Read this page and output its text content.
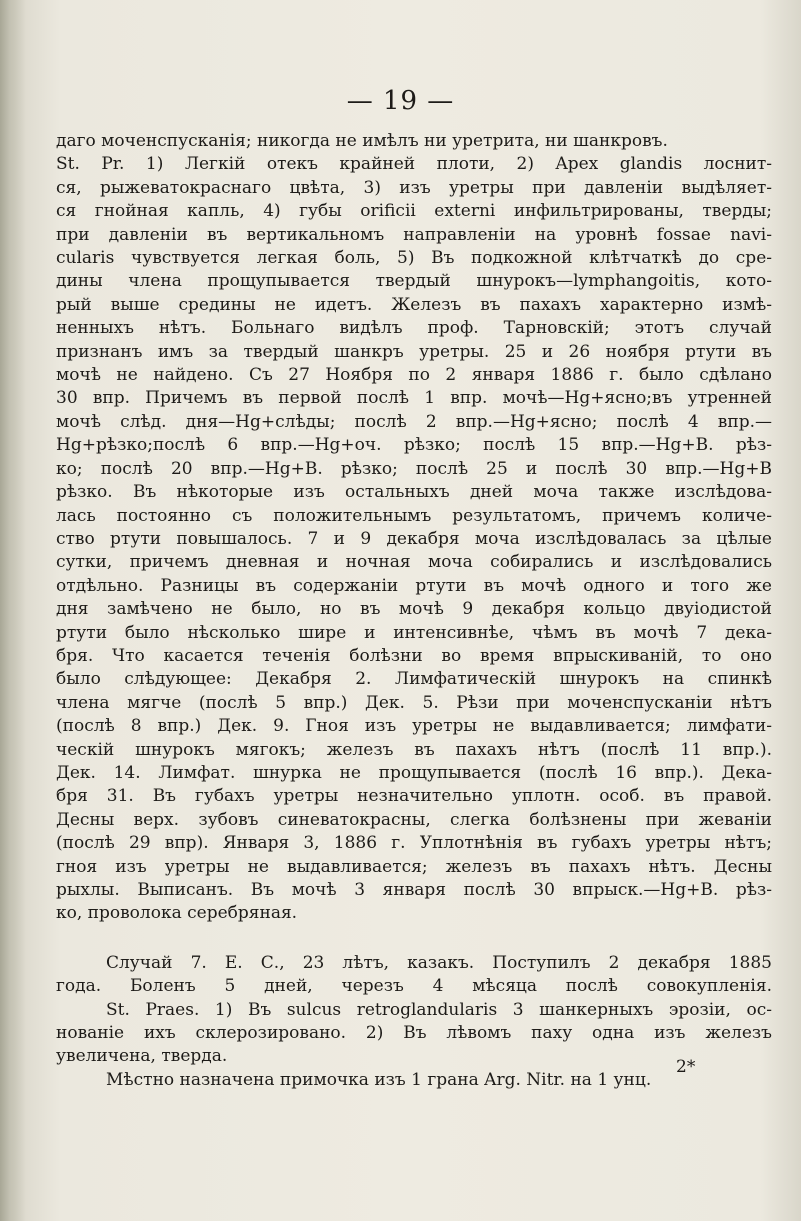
— 19 —
даго моченспусканія; никогда не имѣлъ ни уретрита, ни шанкровъ.
St. Pr. 1) Легкій отекъ крайней плоти, 2) Apex glandis лоснит-
ся, рыжеватокраснаго цвѣта, 3) изъ уретры при давленіи выдѣляет-
ся гнойная капль, 4) губы orificii externi инфильтрированы, тверды;
при давленіи въ вертикальномъ направленіи на уровнѣ fossae navi-
cularis чувствуется легкая боль, 5) Въ подкожной клѣтчаткѣ до сре-
дины члена прощупывается твердый шнурокъ—lymphangoitis, кото-
рый выше средины не идетъ. Железъ въ пахахъ характерно измѣ-
ненныхъ нѣтъ. Больнаго видѣлъ проф. Тарновскій; этотъ случай
признанъ имъ за твердый шанкръ уретры. 25 и 26 ноября ртути въ
мочѣ не найдено. Съ 27 Ноября по 2 января 1886 г. было сдѣлано
30 впр. Причемъ въ первой послѣ 1 впр. мочѣ—Hg+ясно;въ утренней
мочѣ слѣд. дня—Hg+слѣды; послѣ 2 впр.—Hg+ясно; послѣ 4 впр.—
Hg+рѣзко;послѣ 6 впр.—Hg+оч. рѣзко; послѣ 15 впр.—Hg+В. рѣз-
ко; послѣ 20 впр.—Hg+В. рѣзко; послѣ 25 и послѣ 30 впр.—Hg+В
рѣзко. Въ нѣкоторые изъ остальныхъ дней моча также изслѣдова-
лась постоянно съ положительнымъ результатомъ, причемъ количе-
ство ртути повышалось. 7 и 9 декабря моча изслѣдовалась за цѣлые
сутки, причемъ дневная и ночная моча собирались и изслѣдовались
отдѣльно. Разницы въ содержаніи ртути въ мочѣ одного и того же
дня замѣчено не было, но въ мочѣ 9 декабря кольцо двуіодистой
ртути было нѣсколько шире и интенсивнѣе, чѣмъ въ мочѣ 7 дека-
бря. Что касается теченія болѣзни во время впрыскиваній, то оно
было слѣдующее: Декабря 2. Лимфатическій шнурокъ на спинкѣ
члена мягче (послѣ 5 впр.) Дек. 5. Рѣзи при моченспусканіи нѣтъ
(послѣ 8 впр.) Дек. 9. Гноя изъ уретры не выдавливается; лимфати-
ческій шнурокъ мягокъ; железъ въ пахахъ нѣтъ (послѣ 11 впр.).
Дек. 14. Лимфат. шнурка не прощупывается (послѣ 16 впр.). Дека-
бря 31. Въ губахъ уретры незначительно уплотн. особ. въ правой.
Десны верх. зубовъ синеватокрасны, слегка болѣзнены при жеваніи
(послѣ 29 впр). Января 3, 1886 г. Уплотнѣнія въ губахъ уретры нѣтъ;
гноя изъ уретры не выдавливается; железъ въ пахахъ нѣтъ. Десны
рыхлы. Выписанъ. Въ мочѣ 3 января послѣ 30 впрыск.—Hg+В. рѣз-
ко, проволока серебряная.
Случай 7. Е. С., 23 лѣтъ, казакъ. Поступилъ 2 декабря 1885
года. Боленъ 5 дней, черезъ 4 мѣсяца послѣ совокупленія.
St. Praes. 1) Въ sulcus retroglandularis 3 шанкерныхъ эрозіи, ос-
нованіе ихъ склерозировано. 2) Въ лѣвомъ паху одна изъ железъ
увеличена, тверда.
Мѣстно назначена примочка изъ 1 грана Arg. Nitr. на 1 унц.
2*
